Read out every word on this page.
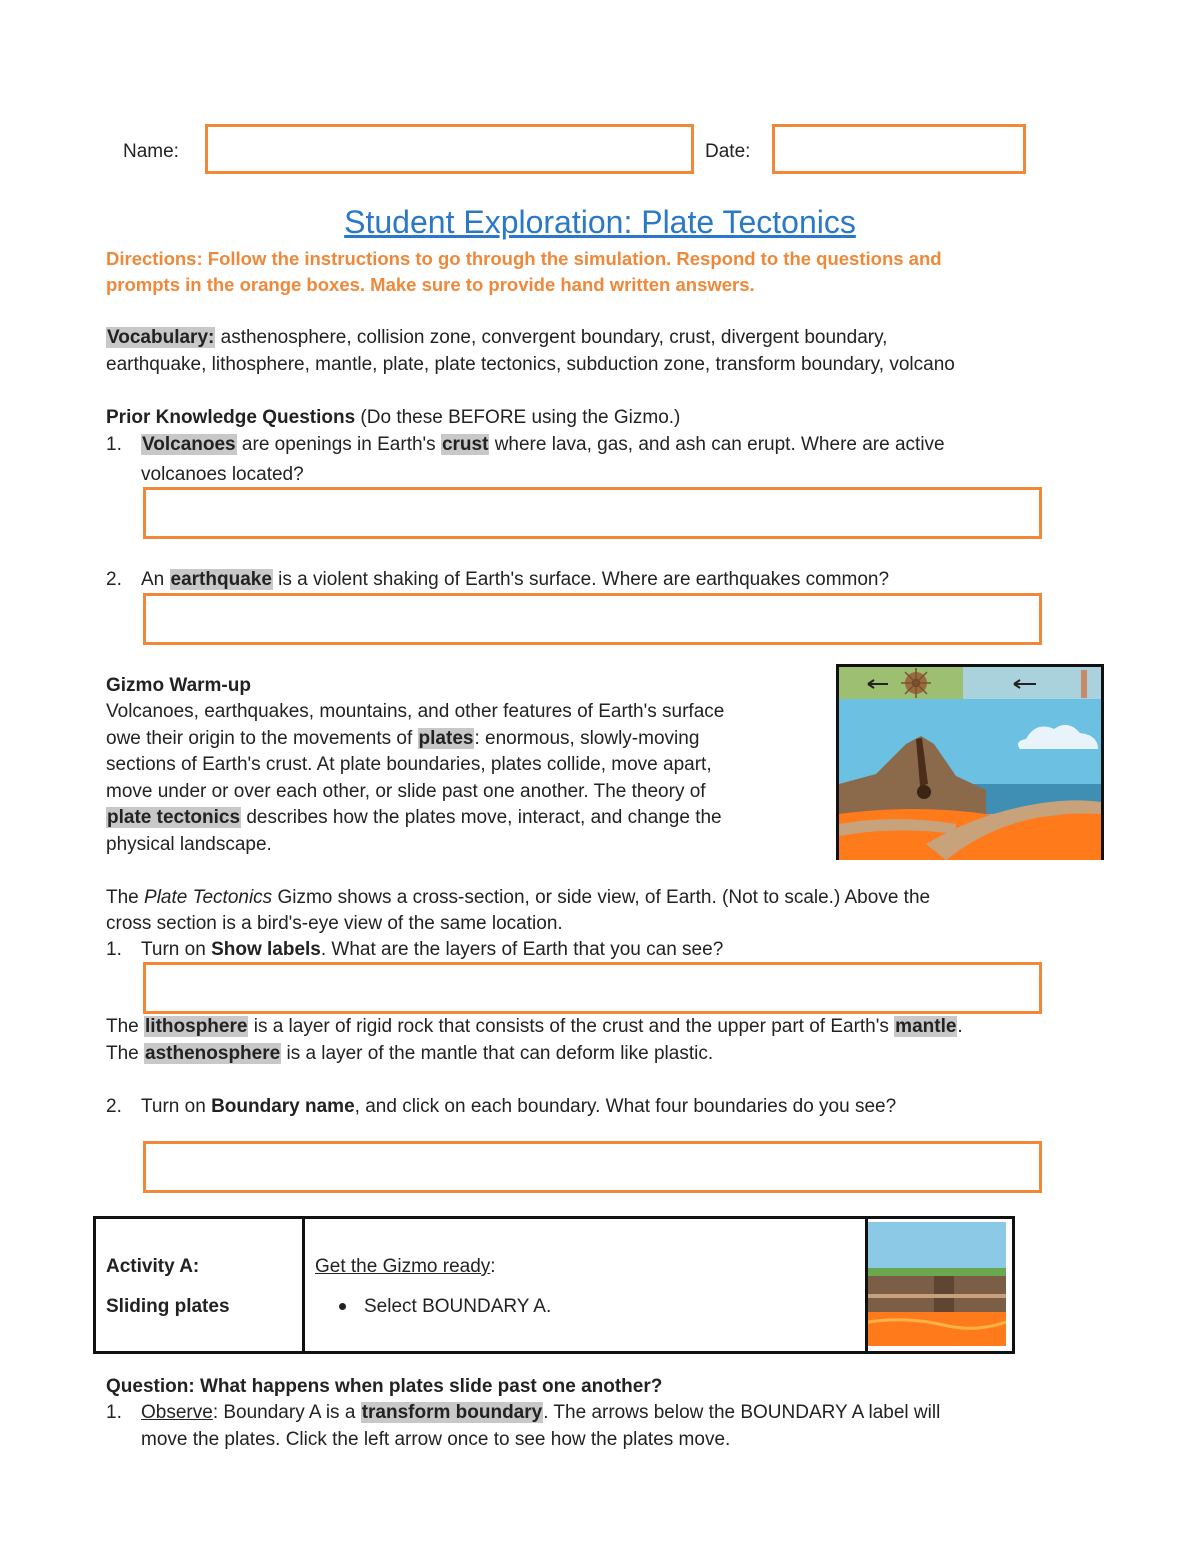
Name:	Date:
Student Exploration: Plate Tectonics
Directions: Follow the instructions to go through the simulation. Respond to the questions and
prompts in the orange boxes. Make sure to provide hand written answers.
Vocabulary: asthenosphere, collision zone, convergent boundary, crust, divergent boundary,
earthquake, lithosphere, mantle, plate, plate tectonics, subduction zone, transform boundary, volcano
Prior Knowledge Questions (Do these BEFORE using the Gizmo.)
1. Volcanoes are openings in Earth's crust where lava, gas, and ash can erupt. Where are active
volcanoes located?
2. An earthquake is a violent shaking of Earth's surface. Where are earthquakes common?
Gizmo Warm-up
Volcanoes, earthquakes, mountains, and other features of Earth's surface
owe their origin to the movements of plates: enormous, slowly-moving
sections of Earth's crust. At plate boundaries, plates collide, move apart,
move under or over each other, or slide past one another. The theory of
plate tectonics describes how the plates move, interact, and change the
physical landscape.
The Plate Tectonics Gizmo shows a cross-section, or side view, of Earth. (Not to scale.) Above the
cross section is a bird's-eye view of the same location.
1. Turn on Show labels. What are the layers of Earth that you can see?
The lithosphere is a layer of rigid rock that consists of the crust and the upper part of Earth's mantle.
The asthenosphere is a layer of the mantle that can deform like plastic.
2. Turn on Boundary name, and click on each boundary. What four boundaries do you see?
Activity A:
Sliding plates

Get the Gizmo ready:
Select BOUNDARY A.

Question: What happens when plates slide past one another?
1. Observe: Boundary A is a transform boundary. The arrows below the BOUNDARY A label will
move the plates. Click the left arrow once to see how the plates move.
